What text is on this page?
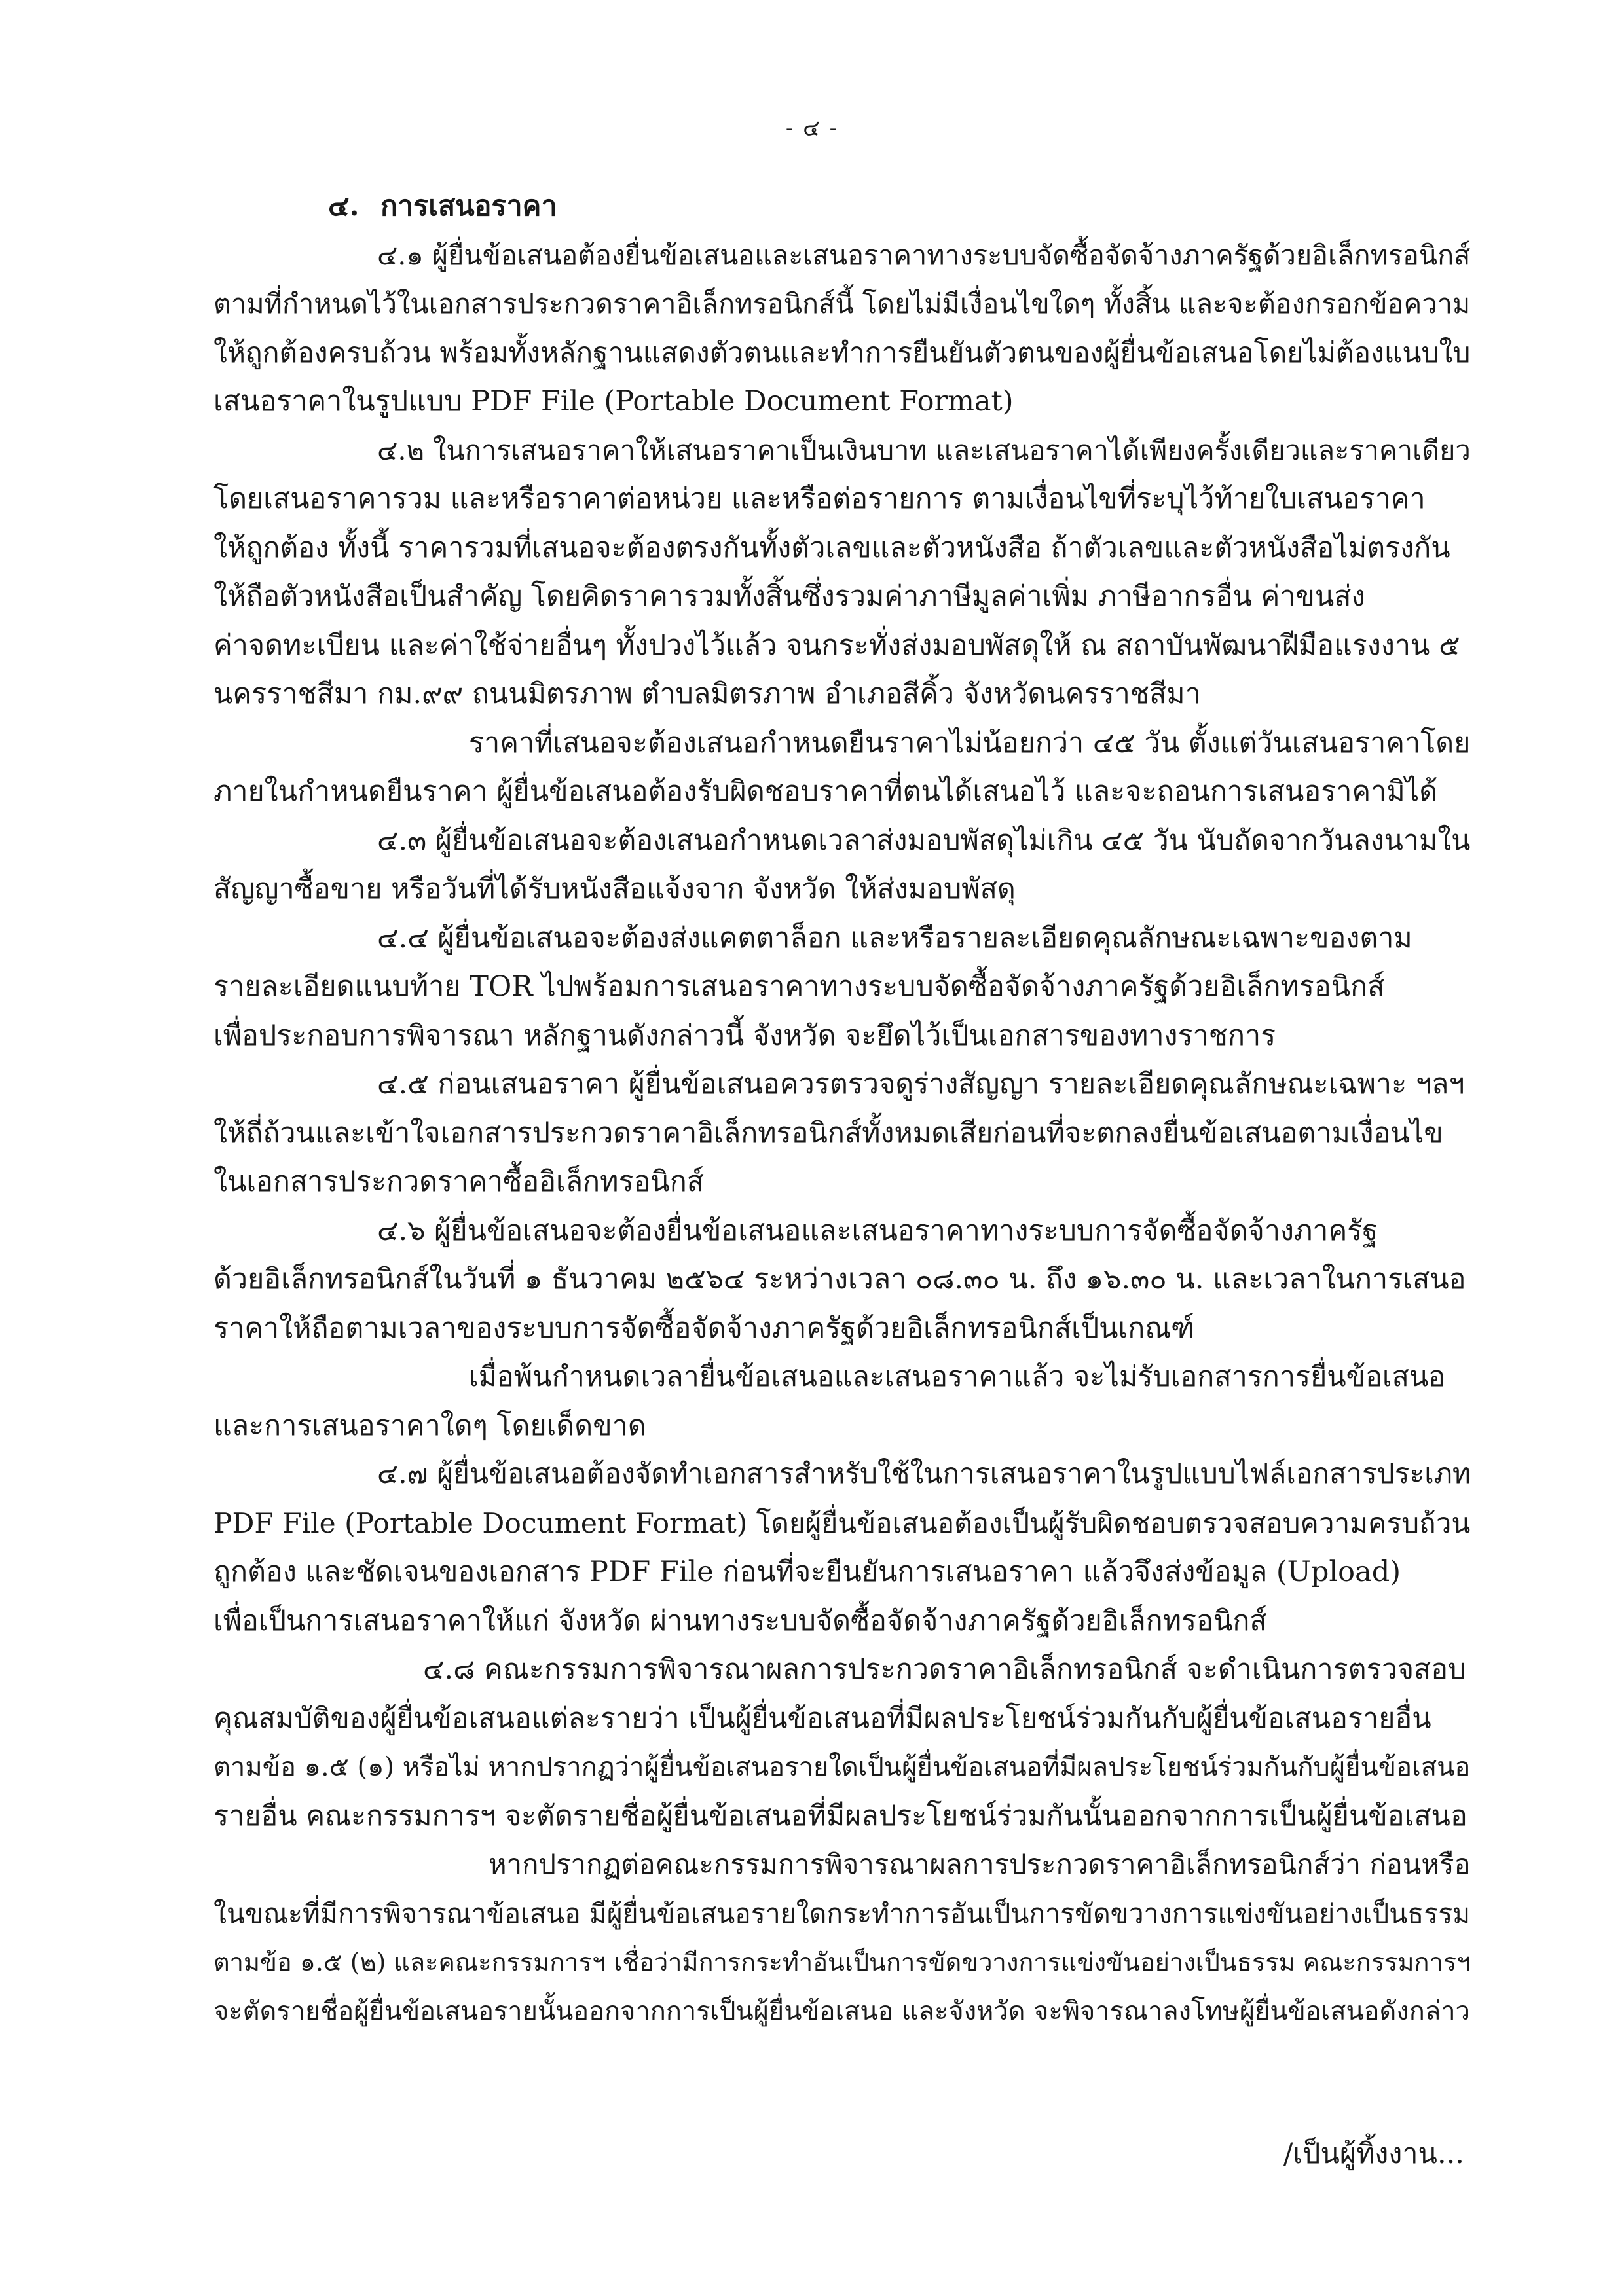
- ๔ -
๔. การเสนอราคา
๔.๑ ผู้ยื่นข้อเสนอต้องยื่นข้อเสนอและเสนอราคาทางระบบจัดซื้อจัดจ้างภาครัฐด้วยอิเล็กทรอนิกส์
ตามที่กำหนดไว้ในเอกสารประกวดราคาอิเล็กทรอนิกส์นี้ โดยไม่มีเงื่อนไขใดๆ ทั้งสิ้น และจะต้องกรอกข้อความ
ให้ถูกต้องครบถ้วน พร้อมทั้งหลักฐานแสดงตัวตนและทำการยืนยันตัวตนของผู้ยื่นข้อเสนอโดยไม่ต้องแนบใบ
เสนอราคาในรูปแบบ PDF File (Portable Document Format)
๔.๒ ในการเสนอราคาให้เสนอราคาเป็นเงินบาท และเสนอราคาได้เพียงครั้งเดียวและราคาเดียว
โดยเสนอราคารวม และหรือราคาต่อหน่วย และหรือต่อรายการ ตามเงื่อนไขที่ระบุไว้ท้ายใบเสนอราคา
ให้ถูกต้อง ทั้งนี้ ราคารวมที่เสนอจะต้องตรงกันทั้งตัวเลขและตัวหนังสือ ถ้าตัวเลขและตัวหนังสือไม่ตรงกัน
ให้ถือตัวหนังสือเป็นสำคัญ โดยคิดราคารวมทั้งสิ้นซึ่งรวมค่าภาษีมูลค่าเพิ่ม ภาษีอากรอื่น ค่าขนส่ง
ค่าจดทะเบียน และค่าใช้จ่ายอื่นๆ ทั้งปวงไว้แล้ว จนกระทั่งส่งมอบพัสดุให้ ณ สถาบันพัฒนาฝีมือแรงงาน ๕
นครราชสีมา กม.๙๙ ถนนมิตรภาพ ตำบลมิตรภาพ อำเภอสีคิ้ว จังหวัดนครราชสีมา
ราคาที่เสนอจะต้องเสนอกำหนดยืนราคาไม่น้อยกว่า ๔๕ วัน ตั้งแต่วันเสนอราคาโดย
ภายในกำหนดยืนราคา ผู้ยื่นข้อเสนอต้องรับผิดชอบราคาที่ตนได้เสนอไว้ และจะถอนการเสนอราคามิได้
๔.๓ ผู้ยื่นข้อเสนอจะต้องเสนอกำหนดเวลาส่งมอบพัสดุไม่เกิน ๔๕ วัน นับถัดจากวันลงนามใน
สัญญาซื้อขาย หรือวันที่ได้รับหนังสือแจ้งจาก จังหวัด ให้ส่งมอบพัสดุ
๔.๔ ผู้ยื่นข้อเสนอจะต้องส่งแคตตาล็อก และหรือรายละเอียดคุณลักษณะเฉพาะของตาม
รายละเอียดแนบท้าย TOR ไปพร้อมการเสนอราคาทางระบบจัดซื้อจัดจ้างภาครัฐด้วยอิเล็กทรอนิกส์
เพื่อประกอบการพิจารณา หลักฐานดังกล่าวนี้ จังหวัด จะยึดไว้เป็นเอกสารของทางราชการ
๔.๕ ก่อนเสนอราคา ผู้ยื่นข้อเสนอควรตรวจดูร่างสัญญา รายละเอียดคุณลักษณะเฉพาะ ฯลฯ
ให้ถี่ถ้วนและเข้าใจเอกสารประกวดราคาอิเล็กทรอนิกส์ทั้งหมดเสียก่อนที่จะตกลงยื่นข้อเสนอตามเงื่อนไข
ในเอกสารประกวดราคาซื้ออิเล็กทรอนิกส์
๔.๖ ผู้ยื่นข้อเสนอจะต้องยื่นข้อเสนอและเสนอราคาทางระบบการจัดซื้อจัดจ้างภาครัฐ
ด้วยอิเล็กทรอนิกส์ในวันที่ ๑ ธันวาคม ๒๕๖๔ ระหว่างเวลา ๐๘.๓๐ น. ถึง ๑๖.๓๐ น. และเวลาในการเสนอ
ราคาให้ถือตามเวลาของระบบการจัดซื้อจัดจ้างภาครัฐด้วยอิเล็กทรอนิกส์เป็นเกณฑ์
เมื่อพ้นกำหนดเวลายื่นข้อเสนอและเสนอราคาแล้ว จะไม่รับเอกสารการยื่นข้อเสนอ
และการเสนอราคาใดๆ โดยเด็ดขาด
๔.๗ ผู้ยื่นข้อเสนอต้องจัดทำเอกสารสำหรับใช้ในการเสนอราคาในรูปแบบไฟล์เอกสารประเภท
PDF File (Portable Document Format) โดยผู้ยื่นข้อเสนอต้องเป็นผู้รับผิดชอบตรวจสอบความครบถ้วน
ถูกต้อง และชัดเจนของเอกสาร PDF File ก่อนที่จะยืนยันการเสนอราคา แล้วจึงส่งข้อมูล (Upload)
เพื่อเป็นการเสนอราคาให้แก่ จังหวัด ผ่านทางระบบจัดซื้อจัดจ้างภาครัฐด้วยอิเล็กทรอนิกส์
๔.๘ คณะกรรมการพิจารณาผลการประกวดราคาอิเล็กทรอนิกส์ จะดำเนินการตรวจสอบ
คุณสมบัติของผู้ยื่นข้อเสนอแต่ละรายว่า เป็นผู้ยื่นข้อเสนอที่มีผลประโยชน์ร่วมกันกับผู้ยื่นข้อเสนอรายอื่น
ตามข้อ ๑.๕ (๑) หรือไม่ หากปรากฏว่าผู้ยื่นข้อเสนอรายใดเป็นผู้ยื่นข้อเสนอที่มีผลประโยชน์ร่วมกันกับผู้ยื่นข้อเสนอ
รายอื่น คณะกรรมการฯ จะตัดรายชื่อผู้ยื่นข้อเสนอที่มีผลประโยชน์ร่วมกันนั้นออกจากการเป็นผู้ยื่นข้อเสนอ
หากปรากฏต่อคณะกรรมการพิจารณาผลการประกวดราคาอิเล็กทรอนิกส์ว่า ก่อนหรือ
ในขณะที่มีการพิจารณาข้อเสนอ มีผู้ยื่นข้อเสนอรายใดกระทำการอันเป็นการขัดขวางการแข่งขันอย่างเป็นธรรม
ตามข้อ ๑.๕ (๒) และคณะกรรมการฯ เชื่อว่ามีการกระทำอันเป็นการขัดขวางการแข่งขันอย่างเป็นธรรม คณะกรรมการฯ
จะตัดรายชื่อผู้ยื่นข้อเสนอรายนั้นออกจากการเป็นผู้ยื่นข้อเสนอ และจังหวัด จะพิจารณาลงโทษผู้ยื่นข้อเสนอดังกล่าว
/เป็นผู้ทิ้งงาน...
